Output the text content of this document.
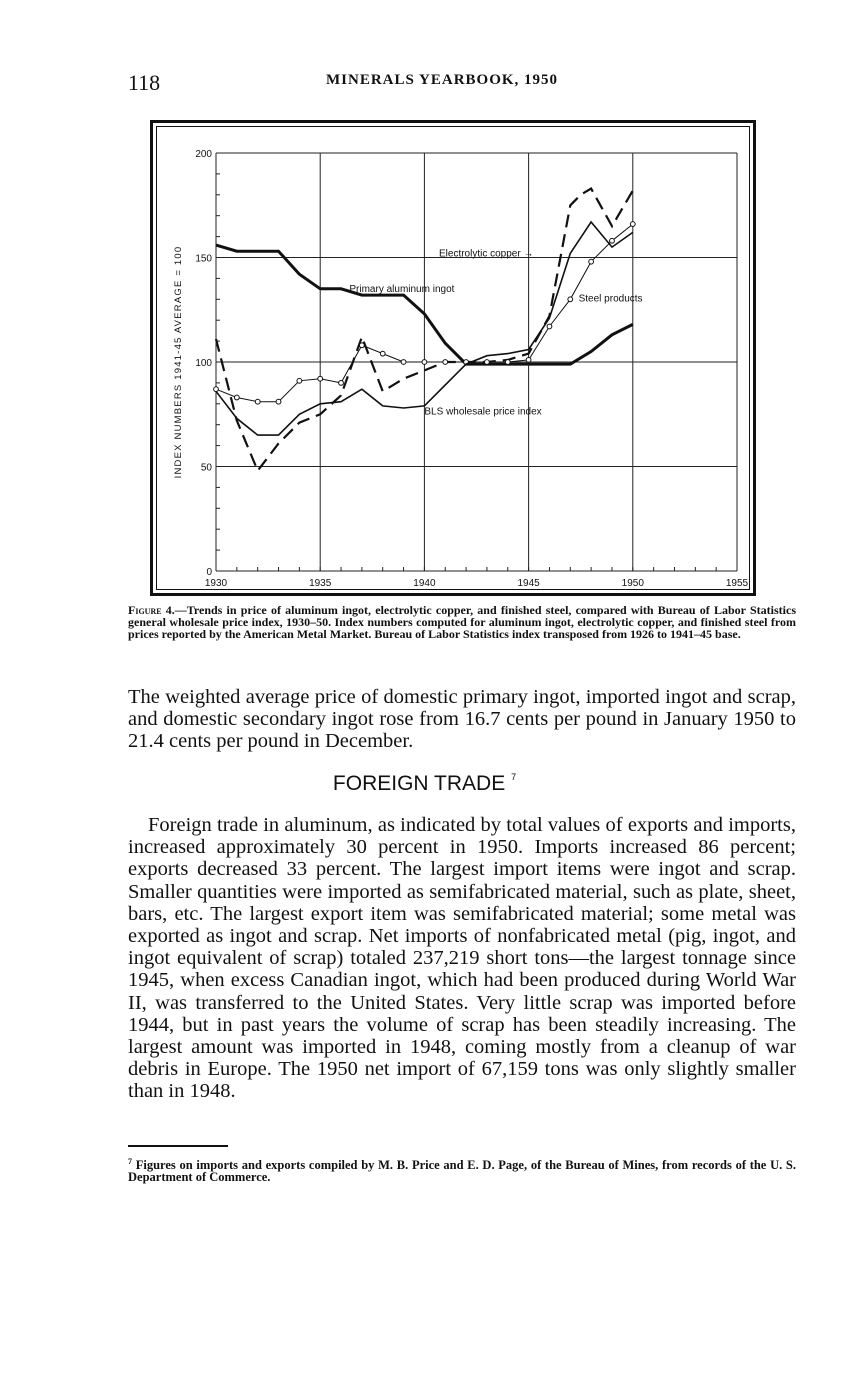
118	MINERALS YEARBOOK, 1950
1930	1935	1940	1945	1950	1955
0
50
100
150
200
INDEX NUMBERS 1941-45 AVERAGE = 100	Electrolytic copper →
Primary aluminum ingot
Steel products
BLS wholesale price index
Figure 4.—Trends in price of aluminum ingot, electrolytic copper, and finished steel, compared with Bureau of Labor Statistics general wholesale price index, 1930–50. Index numbers computed for aluminum ingot, electrolytic copper, and finished steel from prices reported by the American Metal Market. Bureau of Labor Statistics index transposed from 1926 to 1941–45 base.
The weighted average price of domestic primary ingot, imported ingot and scrap, and domestic secondary ingot rose from 16.7 cents per pound in January 1950 to 21.4 cents per pound in December.
FOREIGN TRADE $^7$
Foreign trade in aluminum, as indicated by total values of exports and imports, increased approximately 30 percent in 1950. Imports increased 86 percent; exports decreased 33 percent. The largest import items were ingot and scrap. Smaller quantities were imported as semifabricated material, such as plate, sheet, bars, etc. The largest export item was semifabricated material; some metal was exported as ingot and scrap. Net imports of nonfabricated metal (pig, ingot, and ingot equivalent of scrap) totaled 237,219 short tons—the largest tonnage since 1945, when excess Canadian ingot, which had been produced during World War II, was transferred to the United States. Very little scrap was imported before 1944, but in past years the volume of scrap has been steadily increasing. The largest amount was imported in 1948, coming mostly from a cleanup of war debris in Europe. The 1950 net import of 67,159 tons was only slightly smaller than in 1948.
$^7$ Figures on imports and exports compiled by M. B. Price and E. D. Page, of the Bureau of Mines, from records of the U. S. Department of Commerce.
